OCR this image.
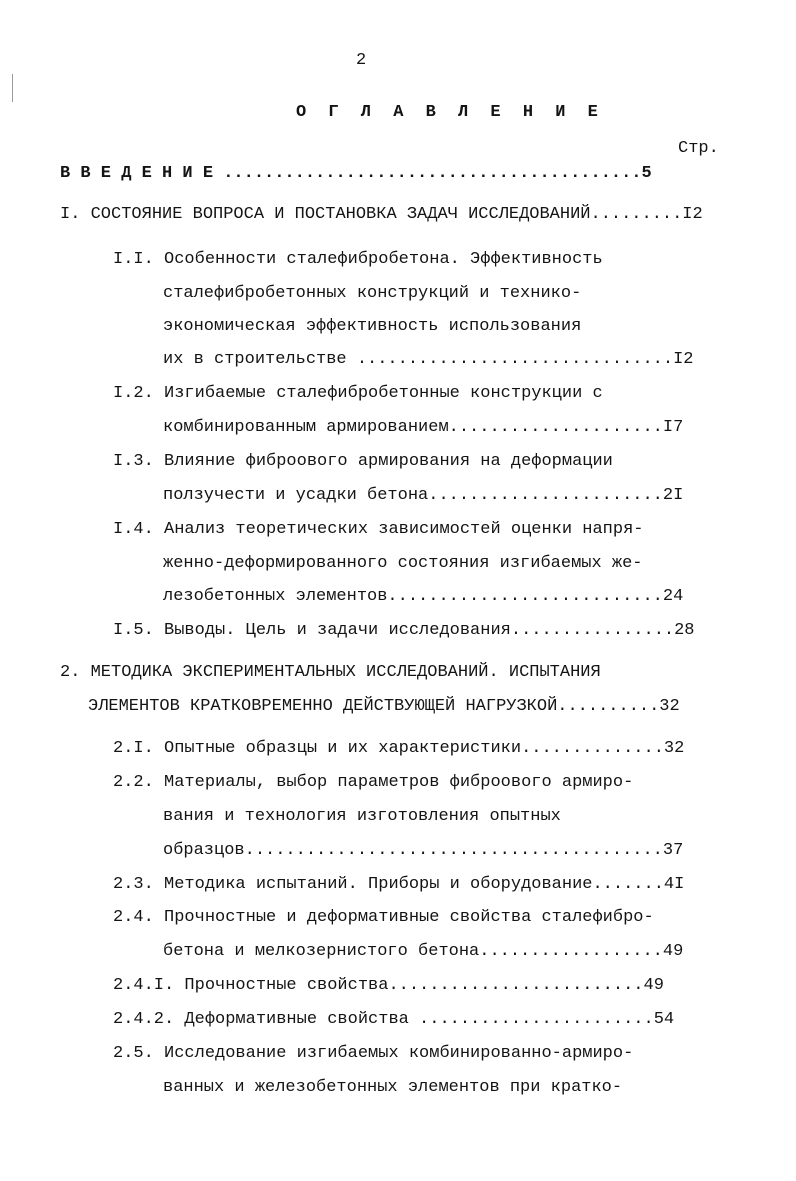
2
О Г Л А В Л Е Н И Е
Стр.
В В Е Д Е Н И Е .........................................5
I. СОСТОЯНИЕ ВОПРОСА И ПОСТАНОВКА ЗАДАЧ ИССЛЕДОВАНИЙ.........I2
I.I. Особенности сталефибробетона. Эффективность
сталефибробетонных конструкций и технико-
экономическая эффективность использования
их в строительстве ...............................I2
I.2. Изгибаемые сталефибробетонные конструкции с
комбинированным армированием.....................I7
I.3. Влияние фиброового армирования на деформации
ползучести и усадки бетона.......................2I
I.4. Анализ теоретических зависимостей оценки напря-
женно-деформированного состояния изгибаемых же-
лезобетонных элементов...........................24
I.5. Выводы. Цель и задачи исследования................28
2. МЕТОДИКА ЭКСПЕРИМЕНТАЛЬНЫХ ИССЛЕДОВАНИЙ. ИСПЫТАНИЯ
ЭЛЕМЕНТОВ КРАТКОВРЕМЕННО ДЕЙСТВУЮЩЕЙ НАГРУЗКОЙ..........32
2.I. Опытные образцы и их характеристики..............32
2.2. Материалы, выбор параметров фиброового армиро-
вания и технология изготовления опытных
образцов.........................................37
2.3. Методика испытаний. Приборы и оборудование.......4I
2.4. Прочностные и деформативные свойства сталефибро-
бетона и мелкозернистого бетона..................49
2.4.I. Прочностные свойства.........................49
2.4.2. Деформативные свойства .......................54
2.5. Исследование изгибаемых комбинированно-армиро-
ванных и железобетонных элементов при кратко-
